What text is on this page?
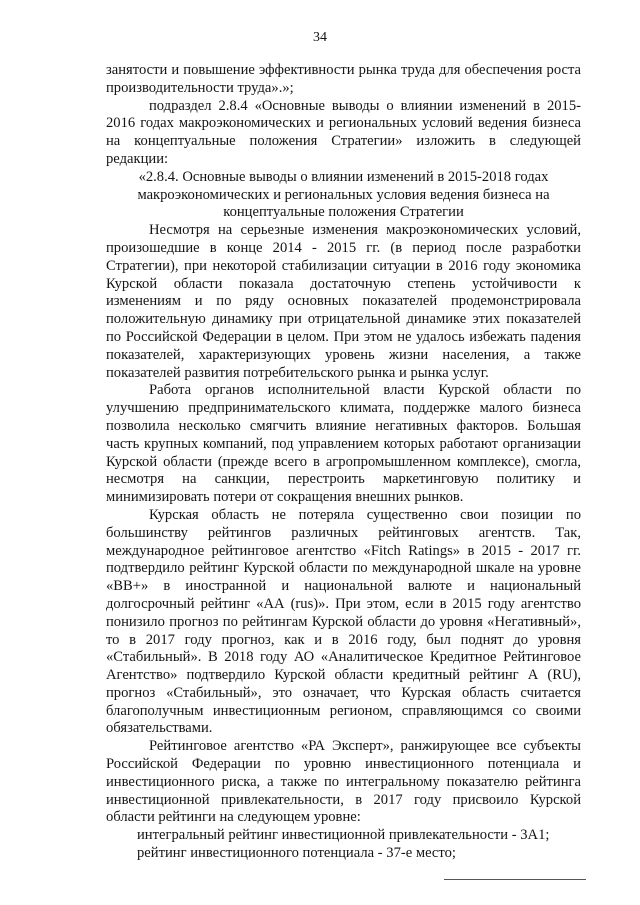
34

занятости и повышение эффективности рынка труда для обеспечения роста производительности труда».»;

подраздел 2.8.4 «Основные выводы о влиянии изменений в 2015-2016 годах макроэкономических и региональных условий ведения бизнеса на концептуальные положения Стратегии» изложить в следующей редакции:

«2.8.4. Основные выводы о влиянии изменений в 2015-2018 годах макроэкономических и региональных условия ведения бизнеса на концептуальные положения Стратегии

Несмотря на серьезные изменения макроэкономических условий, произошедшие в конце 2014 - 2015 гг. (в период после разработки Стратегии), при некоторой стабилизации ситуации в 2016 году экономика Курской области показала достаточную степень устойчивости к изменениям и по ряду основных показателей продемонстрировала положительную динамику при отрицательной динамике этих показателей по Российской Федерации в целом. При этом не удалось избежать падения показателей, характеризующих уровень жизни населения, а также показателей развития потребительского рынка и рынка услуг.

Работа органов исполнительной власти Курской области по улучшению предпринимательского климата, поддержке малого бизнеса позволила несколько смягчить влияние негативных факторов. Большая часть крупных компаний, под управлением которых работают организации Курской области (прежде всего в агропромышленном комплексе), смогла, несмотря на санкции, перестроить маркетинговую политику и минимизировать потери от сокращения внешних рынков.

Курская область не потеряла существенно свои позиции по большинству рейтингов различных рейтинговых агентств. Так, международное рейтинговое агентство «Fitch Ratings» в 2015 - 2017 гг. подтвердило рейтинг Курской области по международной шкале на уровне «ВВ+» в иностранной и национальной валюте и национальный долгосрочный рейтинг «АА (rus)». При этом, если в 2015 году агентство понизило прогноз по рейтингам Курской области до уровня «Негативный», то в 2017 году прогноз, как и в 2016 году, был поднят до уровня «Стабильный». В 2018 году АО «Аналитическое Кредитное Рейтинговое Агентство» подтвердило Курской области кредитный рейтинг А (RU), прогноз «Стабильный», это означает, что Курская область считается благополучным инвестиционным регионом, справляющимся со своими обязательствами.

Рейтинговое агентство «РА Эксперт», ранжирующее все субъекты Российской Федерации по уровню инвестиционного потенциала и инвестиционного риска, а также по интегральному показателю рейтинга инвестиционной привлекательности, в 2017 году присвоило Курской области рейтинги на следующем уровне:

интегральный рейтинг инвестиционной привлекательности - 3А1;

рейтинг инвестиционного потенциала - 37-е место;
